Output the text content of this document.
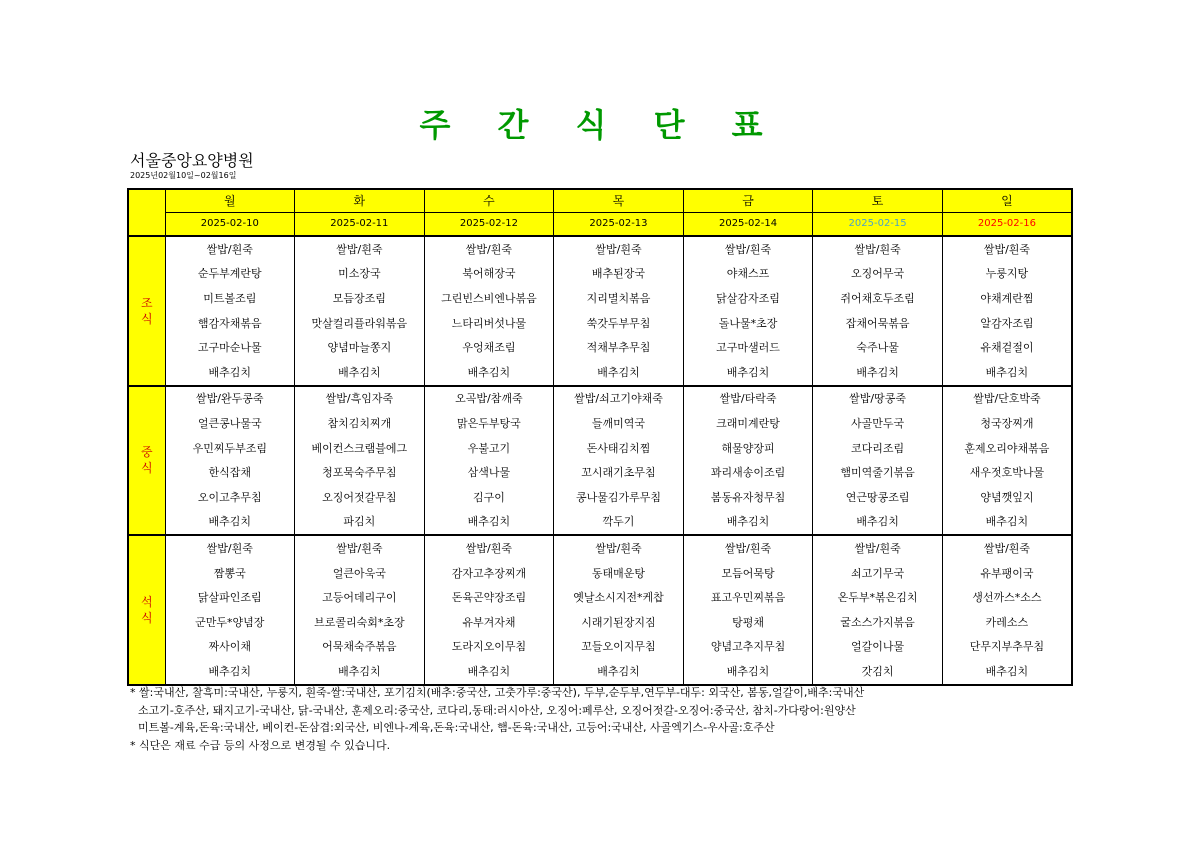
주 간 식 단 표
서울중앙요양병원
2025년02월10일~02월16일
	월	화	수	목	금	토	일
	2025-02-10	2025-02-11	2025-02-12	2025-02-13	2025-02-14	2025-02-15	2025-02-16
조
식	쌀밥/흰죽	쌀밥/흰죽	쌀밥/흰죽	쌀밥/흰죽	쌀밥/흰죽	쌀밥/흰죽	쌀밥/흰죽
	순두부계란탕	미소장국	북어해장국	배추된장국	야채스프	오징어무국	누룽지탕
	미트볼조림	모듬장조림	그린빈스비엔나볶음	지리멸치볶음	닭살감자조림	쥐어채호두조림	야채계란찜
	햄감자채볶음	맛살컬리플라워볶음	느타리버섯나물	쑥갓두부무침	돌나물*초장	잡채어묵볶음	알감자조림
	고구마순나물	양념마늘쫑지	우엉채조림	적채부추무침	고구마샐러드	숙주나물	유채겉절이
	배추김치	배추김치	배추김치	배추김치	배추김치	배추김치	배추김치
중
식	쌀밥/완두콩죽	쌀밥/흑임자죽	오곡밥/참깨죽	쌀밥/쇠고기야채죽	쌀밥/타락죽	쌀밥/땅콩죽	쌀밥/단호박죽
	얼큰콩나물국	참치김치찌개	맑은두부탕국	들깨미역국	크래미계란탕	사골만두국	청국장찌개
	우민찌두부조림	베이컨스크램블에그	우불고기	돈사태김치찜	해물양장피	코다리조림	훈제오리야채볶음
	한식잡채	청포묵숙주무침	삼색나물	꼬시래기초무침	꽈리새송이조림	햄미역줄기볶음	새우젓호박나물
	오이고추무침	오징어젓갈무침	김구이	콩나물김가루무침	봄동유자청무침	연근땅콩조림	양념깻잎지
	배추김치	파김치	배추김치	깍두기	배추김치	배추김치	배추김치
석
식	쌀밥/흰죽	쌀밥/흰죽	쌀밥/흰죽	쌀밥/흰죽	쌀밥/흰죽	쌀밥/흰죽	쌀밥/흰죽
	짬뽕국	얼큰아욱국	감자고추장찌개	동태매운탕	모듬어묵탕	쇠고기무국	유부팽이국
	닭살파인조림	고등어데리구이	돈육곤약장조림	옛날소시지전*케찹	표고우민찌볶음	온두부*볶은김치	생선까스*소스
	군만두*양념장	브로콜리숙회*초장	유부겨자채	시래기된장지짐	탕평채	굴소스가지볶음	카레소스
	짜사이채	어묵채숙주볶음	도라지오이무침	꼬들오이지무침	양념고추지무침	얼갈이나물	단무지부추무침
	배추김치	배추김치	배추김치	배추김치	배추김치	갓김치	배추김치
* 쌀:국내산, 찰흑미:국내산, 누룽지, 흰죽-쌀:국내산, 포기김치(배추:중국산, 고춧가루:중국산), 두부,순두부,연두부-대두: 외국산, 봄동,얼갈이,배추:국내산
소고기-호주산, 돼지고기-국내산, 닭-국내산, 훈제오리:중국산, 코다리,동태:러시아산, 오징어:페루산, 오징어젓갈-오징어:중국산, 참치-가다랑어:원양산
미트볼-계육,돈육:국내산, 베이컨-돈삼겹:외국산, 비엔나-계육,돈육:국내산, 햄-돈육:국내산, 고등어:국내산, 사골엑기스-우사골:호주산
* 식단은 재료 수급 등의 사정으로 변경될 수 있습니다.
